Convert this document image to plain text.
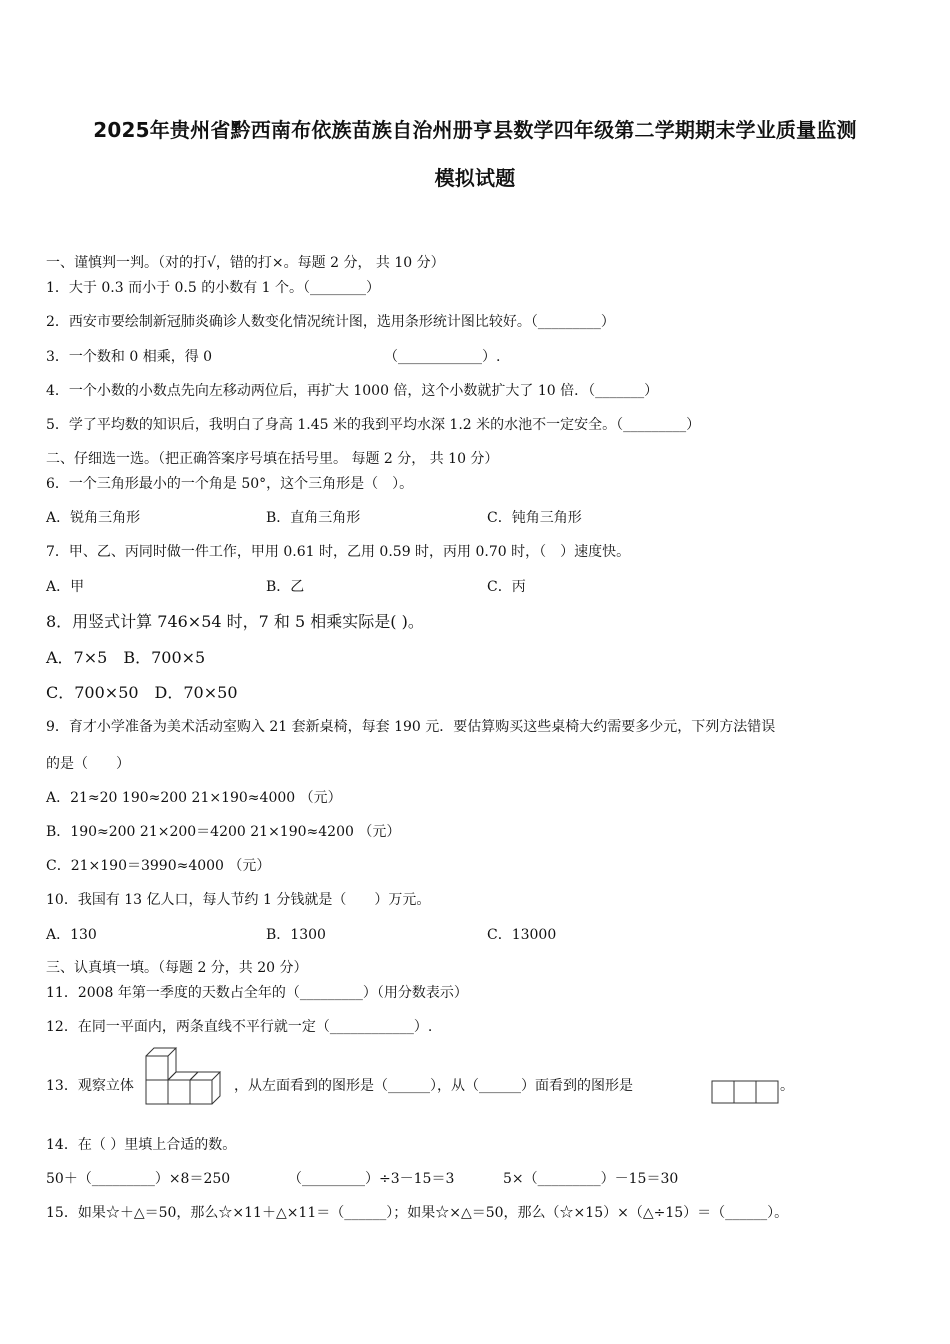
2025年贵州省黔西南布依族苗族自治州册亨县数学四年级第二学期期末学业质量监测
模拟试题
一、谨慎判一判。（对的打√，错的打×。每题 2 分， 共 10 分）
1．大于 0.3 而小于 0.5 的小数有 1 个。（________）
2．西安市要绘制新冠肺炎确诊人数变化情况统计图，选用条形统计图比较好。（_________）
3．一个数和 0 相乘，得 0	（____________）.
4．一个小数的小数点先向左移动两位后，再扩大 1000 倍，这个小数就扩大了 10 倍．（_______）
5．学了平均数的知识后，我明白了身高 1.45 米的我到平均水深 1.2 米的水池不一定安全。（_________）
二、仔细选一选。（把正确答案序号填在括号里。 每题 2 分， 共 10 分）
6．一个三角形最小的一个角是 50°，这个三角形是（　）。
A．锐角三角形	B．直角三角形	C．钝角三角形
7．甲、乙、丙同时做一件工作，甲用 0.61 时，乙用 0.59 时，丙用 0.70 时，（　）速度快。
A．甲	B．乙	C．丙
8．用竖式计算 746×54 时，7 和 5 相乘实际是( )。
A．7×5　B．700×5
C．700×50　D．70×50
9．育才小学准备为美术活动室购入 21 套新桌椅，每套 190 元．要估算购买这些桌椅大约需要多少元，下列方法错误
的是（　　）
A．21≈20 190≈200 21×190≈4000 （元）
B．190≈200 21×200＝4200 21×190≈4200 （元）
C．21×190＝3990≈4000 （元）
10．我国有 13 亿人口，每人节约 1 分钱就是（　　）万元。
A．130	B．1300	C．13000
三、认真填一填。（每题 2 分，共 20 分）
11．2008 年第一季度的天数占全年的（_________）（用分数表示）
12．在同一平面内，两条直线不平行就一定（____________）.
13．观察立体	，从左面看到的图形是（______），从（______）面看到的图形是	。
14．在（ ）里填上合适的数。
50＋（_________）×8＝250	（_________）÷3－15＝3	5×（_________）－15＝30
15．如果☆＋△＝50，那么☆×11＋△×11＝（______）；如果☆×△＝50，那么（☆×15）×（△÷15）＝（______）。
